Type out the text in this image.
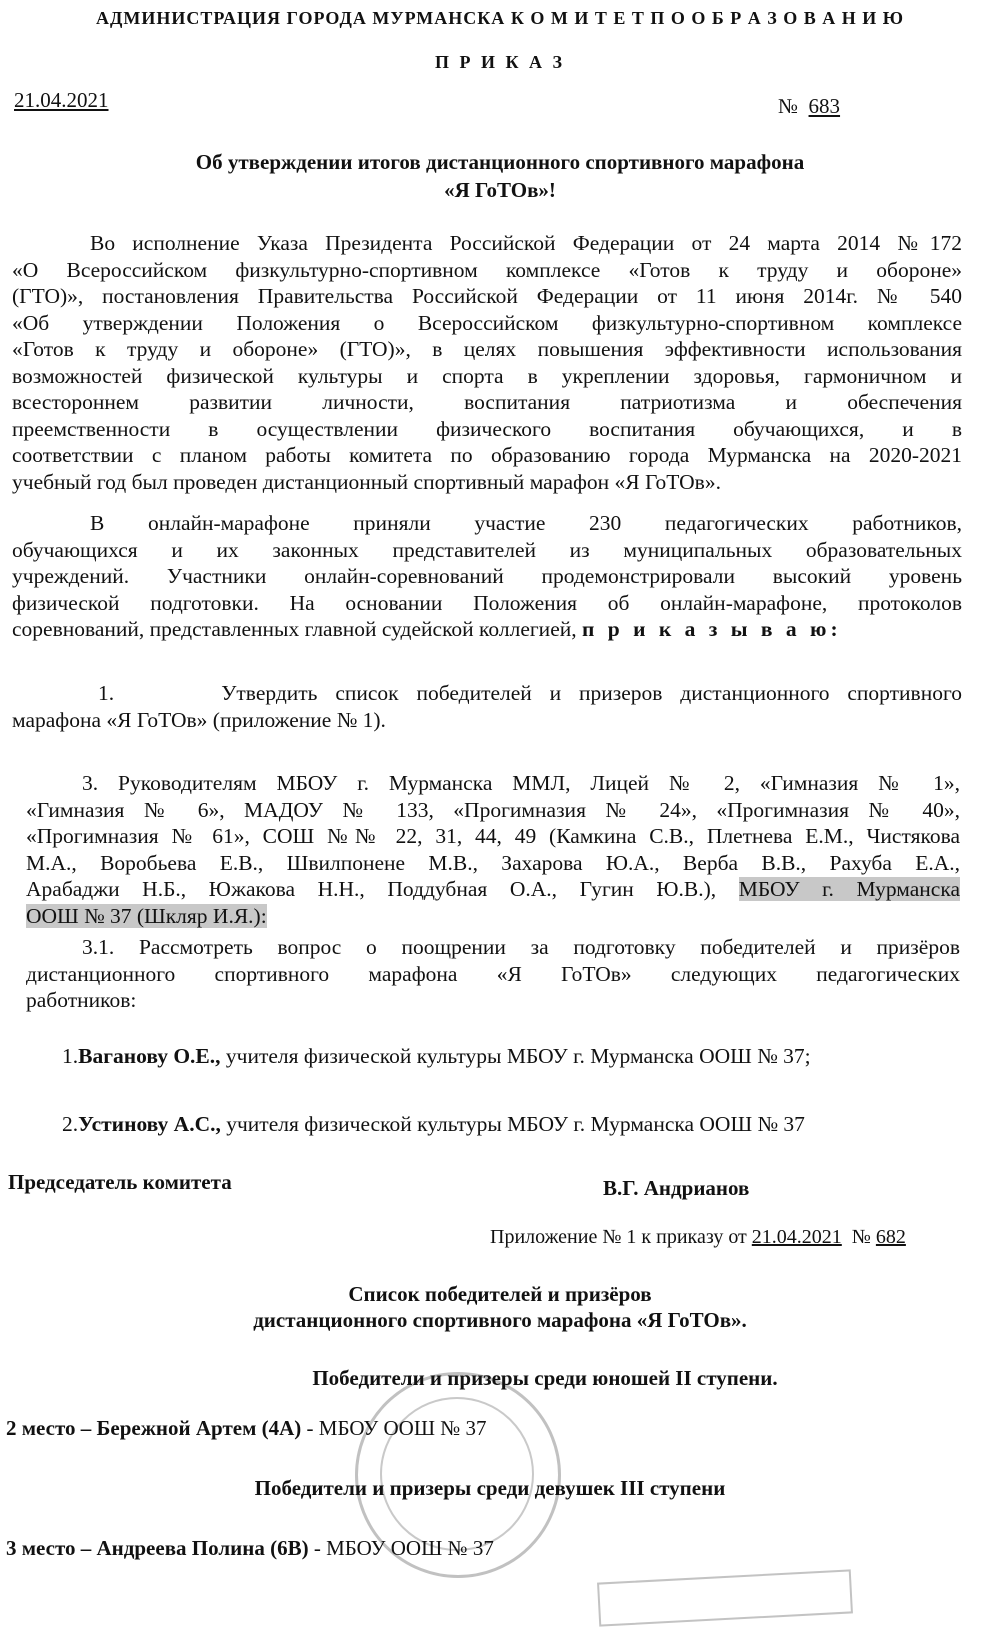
АДМИНИСТРАЦИЯ ГОРОДА МУРМАНСКА К О М И Т Е Т П О О Б Р А З О В А Н И Ю
П Р И К А З
21.04.2021	№ 683
Об утверждении итогов дистанционного спортивного марафона
«Я ГоТОв»!
Во исполнение Указа Президента Российской Федерации от 24 марта 2014 №172
«О Всероссийском физкультурно-спортивном комплексе «Готов к труду и обороне»
(ГТО)», постановления Правительства Российской Федерации от 11 июня 2014г. № 540
«Об утверждении Положения о Всероссийском физкультурно-спортивном комплексе
«Готов к труду и обороне» (ГТО)», в целях повышения эффективности использования
возможностей физической культуры и спорта в укреплении здоровья, гармоничном и
всестороннем развитии личности, воспитания патриотизма и обеспечения
преемственности в осуществлении физического воспитания обучающихся, и в
соответствии с планом работы комитета по образованию города Мурманска на 2020-2021
учебный год был проведен дистанционный спортивный марафон «Я ГоТОв».
В онлайн-марафоне приняли участие 230 педагогических работников,
обучающихся и их законных представителей из муниципальных образовательных
учреждений. Участники онлайн-соревнований продемонстрировали высокий уровень
физической подготовки. На основании Положения об онлайн-марафоне, протоколов
соревнований, представленных главной судейской коллегией, п р и к а з ы в а ю:
1.	Утвердить список победителей и призеров дистанционного спортивного
марафона «Я ГоТОв» (приложение № 1).
3. Руководителям МБОУ г. Мурманска ММЛ, Лицей № 2, «Гимназия № 1»,
«Гимназия № 6», МАДОУ № 133, «Прогимназия № 24», «Прогимназия № 40»,
«Прогимназия № 61», СОШ №№ 22, 31, 44, 49 (Камкина С.В., Плетнева Е.М., Чистякова
М.А., Воробьева Е.В., Швилпонене М.В., Захарова Ю.А., Верба В.В., Рахуба Е.А.,
Арабаджи Н.Б., Южакова Н.Н., Поддубная О.А., Гугин Ю.В.), МБОУ г. Мурманска
ООШ № 37 (Шкляр И.Я.):
3.1. Рассмотреть вопрос о поощрении за подготовку победителей и призёров
дистанционного спортивного марафона «Я ГоТОв» следующих педагогических
работников:
1.Ваганову О.Е., учителя физической культуры МБОУ г. Мурманска ООШ № 37;
2.Устинову А.С., учителя физической культуры МБОУ г. Мурманска ООШ № 37
Председатель комитета	В.Г. Андрианов
Приложение № 1 к приказу от 21.04.2021 № 682
Список победителей и призёров
дистанционного спортивного марафона «Я ГоТОв».
Победители и призеры среди юношей II ступени.
2 место – Бережной Артем (4А) - МБОУ ООШ № 37
Победители и призеры среди девушек III ступени
3 место – Андреева Полина (6В) - МБОУ ООШ № 37
